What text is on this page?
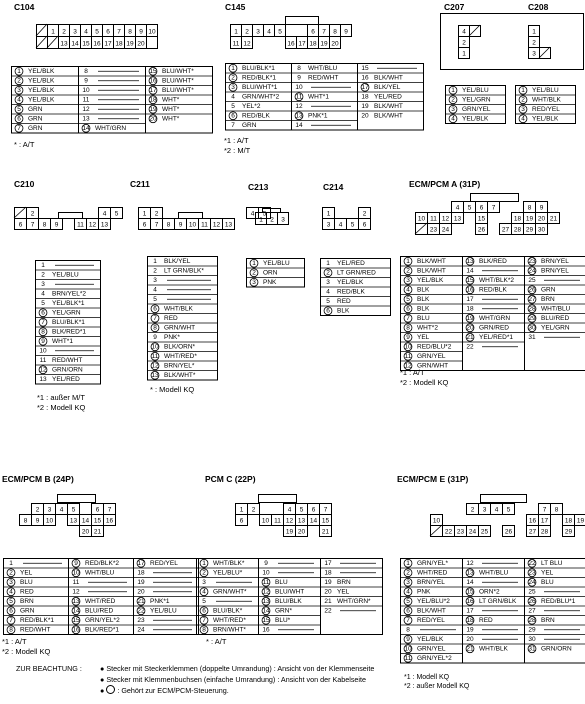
C104	C145	C207	C208
C210	C211	C213	C214	ECM/PCM A (31P)
ECM/PCM B (24P)	PCM C (22P)	ECM/PCM E (31P)
1 2 3 4 5 6 7 8 9 10
13 14 15 16 17 18 19 20
1 YEL/BLK
2 YEL/BLK
3 YEL/BLK
4 YEL/BLK
5 GRN
6 GRN
7 GRN
8
9
10
11
12
13
14 WHT/GRN
15 BLU/WHT*
16 BLU/WHT*
17 BLU/WHT*
18 WHT*
19 WHT*
20 WHT*
1 2 3 4 5	6 7 8 9
11 12	16 17 18 19 20
1 BLU/BLK*1
2 RED/BLK*1
3 BLU/WHT*1
4 GRN/WHT*2
5 YEL*2
6 RED/BLK
7 GRN
8 WHT/BLU
9 RED/WHT
10
11 WHT*1
12
13 PNK*1
14
15
16 BLK/WHT
17 BLK/YEL
18 YEL/RED
19 BLK/WHT
20 BLK/WHT
4
2
1
1
2
3
1 YEL/BLU
2 YEL/GRN
3 GRN/YEL
4 YEL/BLK
1 YEL/BLU
2 WHT/BLK
3 RED/YEL
4 YEL/BLK
2	4 5
6 7 8 9	11 12 13
1
2 YEL/BLU
3
4 BRN/YEL*2
5 YEL/BLK*1
6 YEL/GRN
7 BLU/BLK*1
8 BLK/RED*1
9 WHT*1
10
11 RED/WHT
12 GRN/ORN
13 YEL/RED
1 2	4 5
6 7 8 9 10 11 12 13
1 BLK/YEL
2 LT GRN/BLK*
3
4
5
6 WHT/BLK
7 RED
8 GRN/WHT
9 PNK*
10 BLK/ORN*
11 WHT/RED*
12 BRN/YEL*
13 BLK/WHT*
1 2 3
1 YEL/BLU
2 ORN
3 PNK
1	2
3 4 5 6
1 YEL/RED
2 LT GRN/RED
3 YEL/BLK
4 RED/BLK
5 RED
6 BLK
4 5 6 7	8 9
10 11 12 13	15	18 19 20 21
23 24	26	27 28 29 30
1 BLK/WHT
2 BLK/WHT
3 YEL/BLK
4 BLK
5 BLK
6 BLK
7 BLU
8 WHT*2
9 YEL
10 RED/BLU*2
11 GRN/YEL
12 GRN/WHT
13 BLK/RED
14
15 WHT/BLK*2
16 RED/BLK
17
18
19 WHT/GRN
20 GRN/RED
21 YEL/RED*1
22
23 BRN/YEL
24 BRN/YEL
25
26 GRN
27 BRN
28 WHT/BLU
29 BLU/RED
30 YEL/GRN
31
2 3 4 5	6 7
8 9 10	13 14 15 16
20 21
1
2 YEL
3 BLU
4 RED
5 BRN
6 GRN
7 RED/BLK*1
8 RED/WHT
9 RED/BLK*2
10 WHT/BLU
11
12
13 WHT/RED
14 BLU/RED
15 GRN/YEL*2
16 BLK/RED*1
17 RED/YEL
18
19
20
21 PNK*1
22 YEL/BLU
23
24
1 2	4 5 6 7
6	10 11 12 13 14 15
19 20	21
1 WHT/BLK*
2 YEL/BLU*
3
4 GRN/WHT*
5
6 BLU/BLK*
7 WHT/RED*
8 BRN/WHT*
9
10
11 BLU
12 BLU/WHT
13 BLU/BLK
14 GRN*
15 BLU*
16
17
18
19 BRN
20 YEL
21 WHT/GRN*
22
2 3 4 5	7 8
10	16 17	18 19
22 23 24 25	26	27 28	29
1 GRN/YEL*
2 WHT/RED
3 BRN/YEL
4 PNK
5 YEL/BLU*2
6 BLK/WHT
7 RED/YEL
8
9 YEL/BLK
10 GRN/YEL
11 GRN/YEL*2
12
13 WHT/BLU
14
15 ORN*2
16 LT GRN/BLK
17
18 RED
19
20
21 WHT/BLK
22 LT BLU
23 YEL
24 BLU
25
26 RED/BLU*1
27
28 BRN
29
30
31 GRN/ORN
* : A/T	*1 : A/T
*2 : M/T
*1 : außer M/T
*2 : Modell KQ
* : Modell KQ
*1 : A/T
*2 : Modell KQ
*1 : A/T
*2 : Modell KQ
* : A/T
*1 : Modell KQ
*2 : außer Modell KQ
ZUR BEACHTUNG :	● Stecker mit Steckerklemmen (doppelte Umrandung) : Ansicht von der Klemmenseite
● Stecker mit Klemmenbuchsen (einfache Umrandung) : Ansicht von der Kabelseite
● ○ : Gehört zur ECM/PCM-Steuerung.
